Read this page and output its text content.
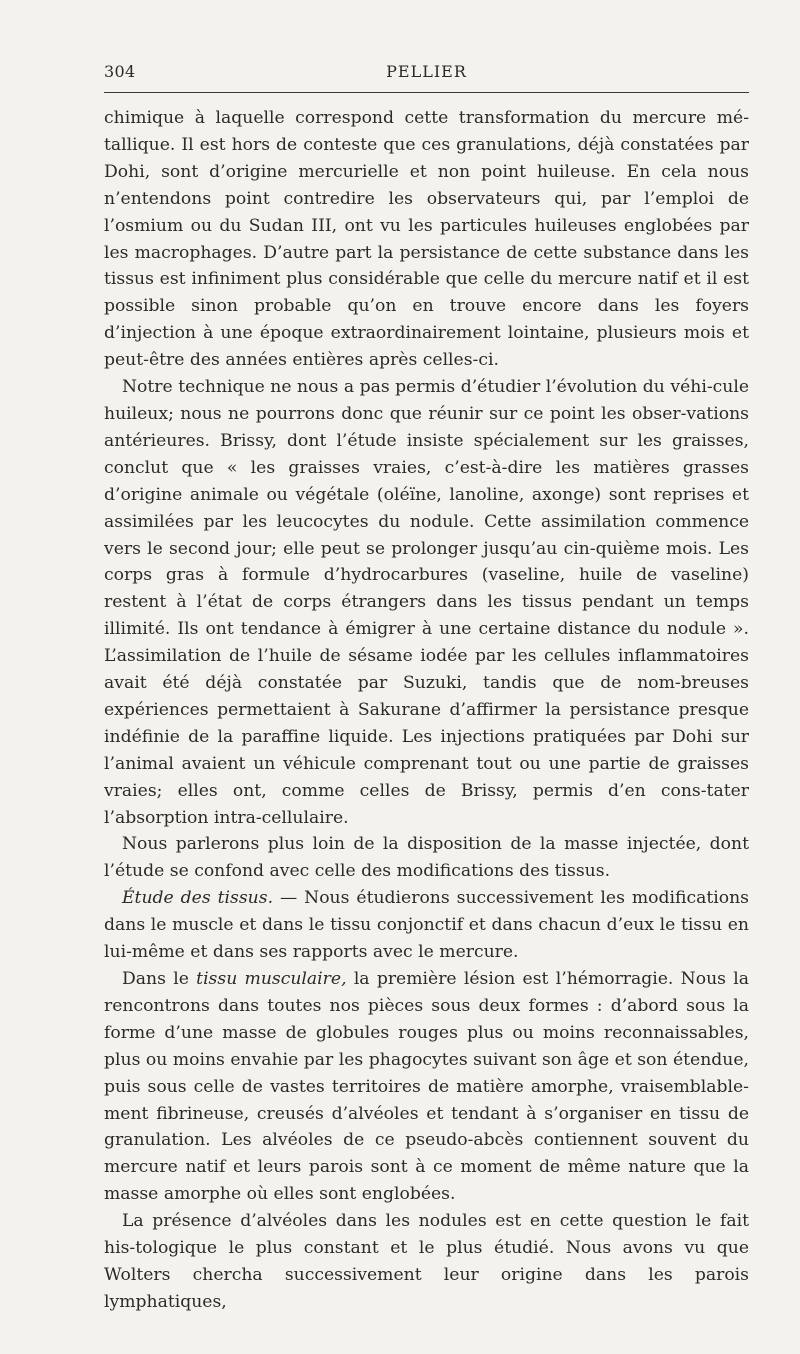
304	PELLIER

chimique à laquelle correspond cette transformation du mercure mé-tallique. Il est hors de conteste que ces granulations, déjà constatées par Dohi, sont d’origine mercurielle et non point huileuse. En cela nous n’entendons point contredire les observateurs qui, par l’emploi de l’osmium ou du Sudan III, ont vu les particules huileuses englobées par les macrophages. D’autre part la persistance de cette substance dans les tissus est infiniment plus considérable que celle du mercure natif et il est possible sinon probable qu’on en trouve encore dans les foyers d’injection à une époque extraordinairement lointaine, plusieurs mois et peut-être des années entières après celles-ci.

Notre technique ne nous a pas permis d’étudier l’évolution du véhi-cule huileux; nous ne pourrons donc que réunir sur ce point les obser-vations antérieures. Brissy, dont l’étude insiste spécialement sur les graisses, conclut que « les graisses vraies, c’est-à-dire les matières grasses d’origine animale ou végétale (oléïne, lanoline, axonge) sont reprises et assimilées par les leucocytes du nodule. Cette assimilation commence vers le second jour; elle peut se prolonger jusqu’au cin-quième mois. Les corps gras à formule d’hydrocarbures (vaseline, huile de vaseline) restent à l’état de corps étrangers dans les tissus pendant un temps illimité. Ils ont tendance à émigrer à une certaine distance du nodule ». L’assimilation de l’huile de sésame iodée par les cellules inflammatoires avait été déjà constatée par Suzuki, tandis que de nom-breuses expériences permettaient à Sakurane d’affirmer la persistance presque indéfinie de la paraffine liquide. Les injections pratiquées par Dohi sur l’animal avaient un véhicule comprenant tout ou une partie de graisses vraies; elles ont, comme celles de Brissy, permis d’en cons-tater l’absorption intra-cellulaire.

Nous parlerons plus loin de la disposition de la masse injectée, dont l’étude se confond avec celle des modifications des tissus.

Étude des tissus. — Nous étudierons successivement les modifications dans le muscle et dans le tissu conjonctif et dans chacun d’eux le tissu en lui-même et dans ses rapports avec le mercure.

Dans le tissu musculaire, la première lésion est l’hémorragie. Nous la rencontrons dans toutes nos pièces sous deux formes : d’abord sous la forme d’une masse de globules rouges plus ou moins reconnaissables, plus ou moins envahie par les phagocytes suivant son âge et son étendue, puis sous celle de vastes territoires de matière amorphe, vraisemblable-ment fibrineuse, creusés d’alvéoles et tendant à s’organiser en tissu de granulation. Les alvéoles de ce pseudo-abcès contiennent souvent du mercure natif et leurs parois sont à ce moment de même nature que la masse amorphe où elles sont englobées.

La présence d’alvéoles dans les nodules est en cette question le fait his-tologique le plus constant et le plus étudié. Nous avons vu que Wolters chercha successivement leur origine dans les parois lymphatiques,
